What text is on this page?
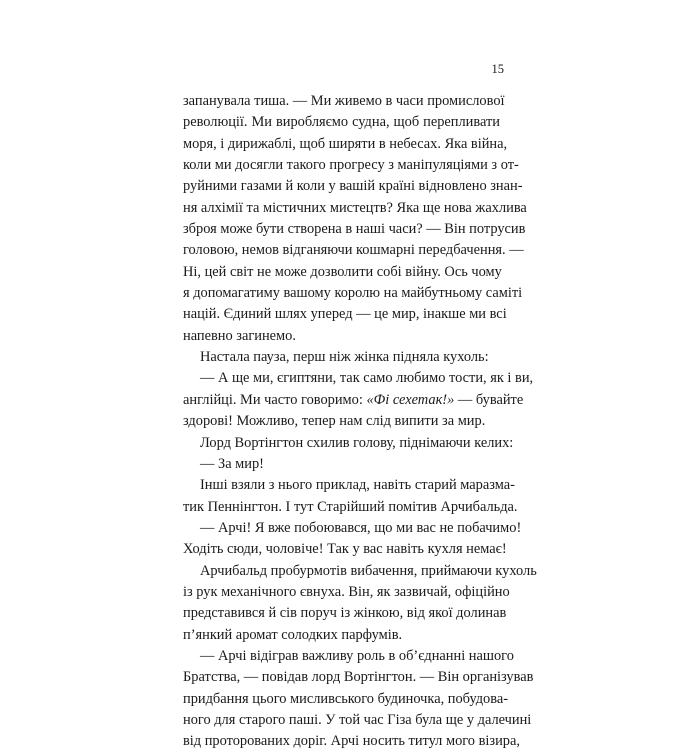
15
запанувала тиша. — Ми живемо в часи промислової
революції. Ми виробляємо судна, щоб перепливати
моря, і дирижаблі, щоб ширяти в небесах. Яка війна,
коли ми досягли такого прогресу з маніпуляціями з от-
руйними газами й коли у вашій країні відновлено знан-
ня алхімії та містичних мистецтв? Яка ще нова жахлива
зброя може бути створена в наші часи? — Він потрусив
головою, немов відганяючи кошмарні передбачення. —
Ні, цей світ не може дозволити собі війну. Ось чому
я допомагатиму вашому королю на майбутньому саміті
націй. Єдиний шлях уперед — це мир, інакше ми всі
напевно загинемо.
Настала пауза, перш ніж жінка підняла кухоль:
— А ще ми, єгиптяни, так само любимо тости, як і ви,
англійці. Ми часто говоримо: «Фі сехетак!» — бувайте
здорові! Можливо, тепер нам слід випити за мир.
Лорд Вортінгтон схилив голову, піднімаючи келих:
— За мир!
Інші взяли з нього приклад, навіть старий маразма-
тик Пеннінгтон. І тут Старійший помітив Арчибальда.
— Арчі! Я вже побоювався, що ми вас не побачимо!
Ходіть сюди, чоловіче! Так у вас навіть кухля немає!
Арчибальд пробурмотів вибачення, приймаючи кухоль
із рук механічного євнуха. Він, як зазвичай, офіційно
представився й сів поруч із жінкою, від якої долинав
п’янкий аромат солодких парфумів.
— Арчі відіграв важливу роль в об’єднанні нашого
Братства, — повідав лорд Вортінгтон. — Він організував
придбання цього мисливського будиночка, побудова-
ного для старого паші. У той час Гіза була ще у далечині
від проторованих доріг. Арчі носить титул мого візира,
